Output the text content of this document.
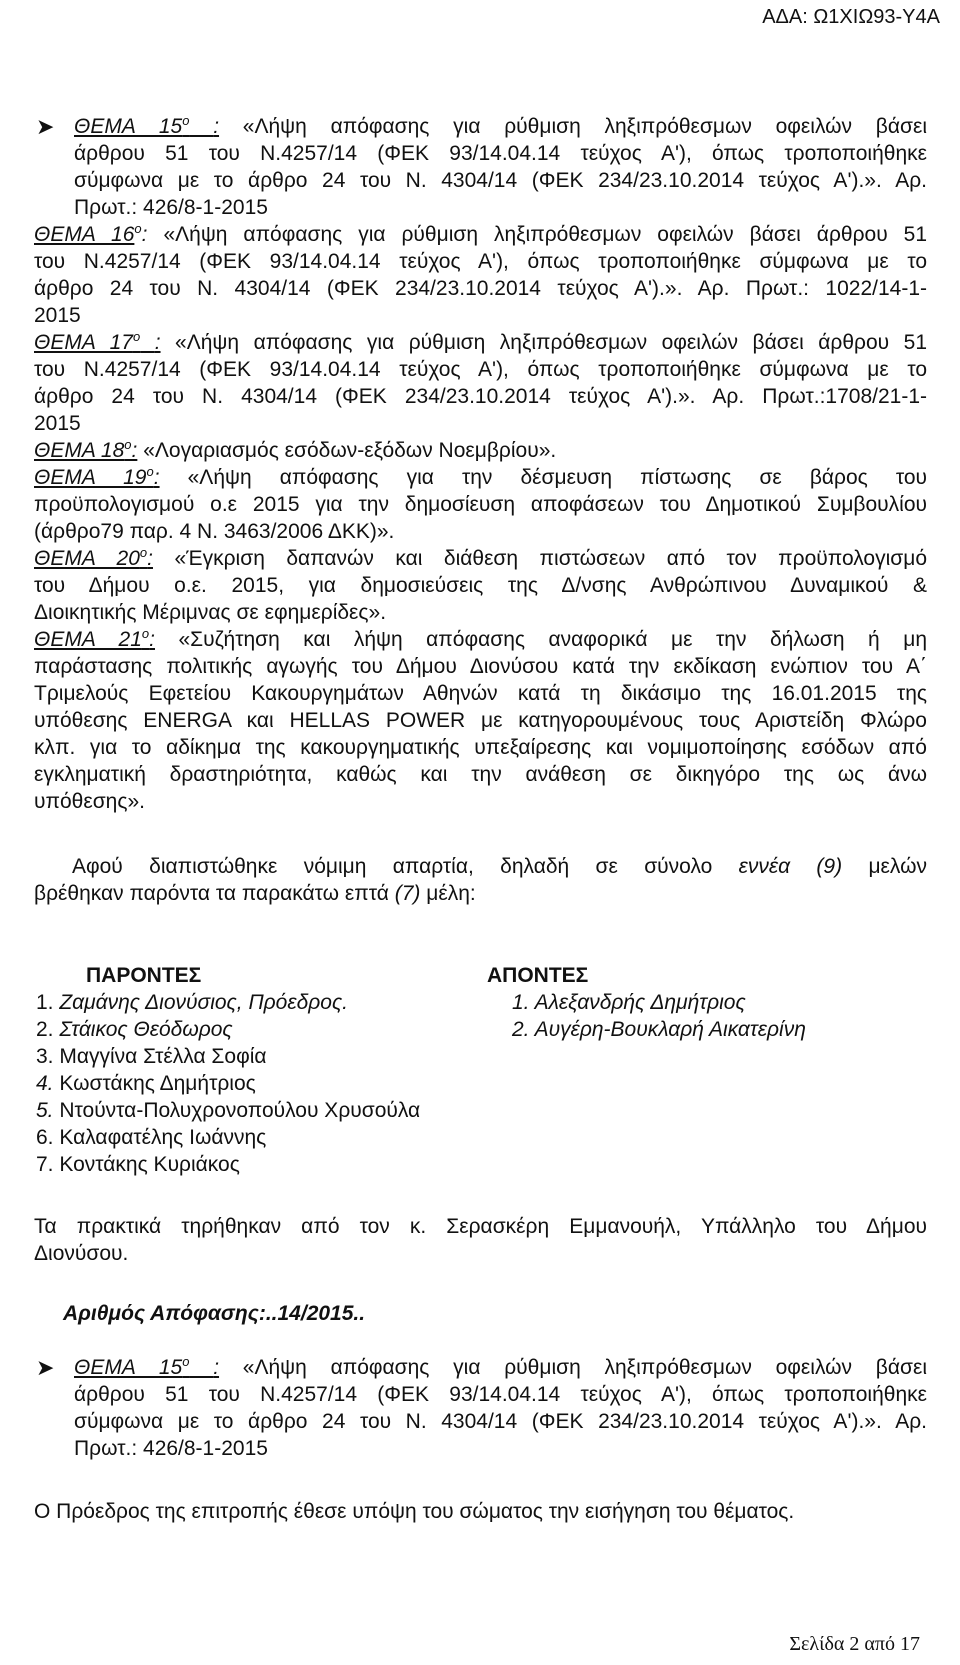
ΑΔΑ: Ω1ΧΙΩ93-Υ4Α
➤ ΘΕΜΑ $15^o$ : «Λήψη απόφασης για ρύθμιση ληξιπρόθεσμων οφειλών βάσει
άρθρου 51 του Ν.4257/14 (ΦΕΚ 93/14.04.14 τεύχος Α'), όπως τροποποιήθηκε
σύμφωνα με το άρθρο 24 του Ν. 4304/14 (ΦΕΚ 234/23.10.2014 τεύχος Α').». Αρ.
Πρωτ.: 426/8-1-2015
ΘΕΜΑ $16^o$: «Λήψη απόφασης για ρύθμιση ληξιπρόθεσμων οφειλών βάσει άρθρου 51
του Ν.4257/14 (ΦΕΚ 93/14.04.14 τεύχος Α'), όπως τροποποιήθηκε σύμφωνα με το
άρθρο 24 του Ν. 4304/14 (ΦΕΚ 234/23.10.2014 τεύχος Α').». Αρ. Πρωτ.: 1022/14-1-
2015
ΘΕΜΑ $17^o$ : «Λήψη απόφασης για ρύθμιση ληξιπρόθεσμων οφειλών βάσει άρθρου 51
του Ν.4257/14 (ΦΕΚ 93/14.04.14 τεύχος Α'), όπως τροποποιήθηκε σύμφωνα με το
άρθρο 24 του Ν. 4304/14 (ΦΕΚ 234/23.10.2014 τεύχος Α').». Αρ. Πρωτ.:1708/21-1-
2015
ΘΕΜΑ $18^o$: «Λογαριασμός εσόδων-εξόδων Νοεμβρίου».
ΘΕΜΑ $19^o$: «Λήψη απόφασης για την δέσμευση πίστωσης σε βάρος του
προϋπολογισμού ο.ε 2015 για την δημοσίευση αποφάσεων του Δημοτικού Συμβουλίου
(άρθρο79 παρ. 4 Ν. 3463/2006 ΔΚΚ)».
ΘΕΜΑ $20^o$: «Έγκριση δαπανών και διάθεση πιστώσεων από τον προϋπολογισμό
του Δήμου ο.ε. 2015, για δημοσιεύσεις της Δ/νσης Ανθρώπινου Δυναμικού &
Διοικητικής Μέριμνας σε εφημερίδες».
ΘΕΜΑ $21^o$: «Συζήτηση και λήψη απόφασης αναφορικά με την δήλωση ή μη
παράστασης πολιτικής αγωγής του Δήμου Διονύσου κατά την εκδίκαση ενώπιον του Α΄
Τριμελούς Εφετείου Κακουργημάτων Αθηνών κατά τη δικάσιμο της 16.01.2015 της
υπόθεσης ENERGA και HELLAS POWER με κατηγορουμένους τους Αριστείδη Φλώρο
κλπ. για το αδίκημα της κακουργηματικής υπεξαίρεσης και νομιμοποίησης εσόδων από
εγκληματική δραστηριότητα, καθώς και την ανάθεση σε δικηγόρο της ως άνω
υπόθεσης».
Αφού διαπιστώθηκε νόμιμη απαρτία, δηλαδή σε σύνολο εννέα (9) μελών
βρέθηκαν παρόντα τα παρακάτω επτά (7) μέλη:
ΠΑΡΟΝΤΕΣ	ΑΠΟΝΤΕΣ
1. Ζαμάνης Διονύσιος, Πρόεδρος.
2. Στάικος Θεόδωρος
3. Μαγγίνα Στέλλα Σοφία
4. Κωστάκης Δημήτριος
5. Ντούντα-Πολυχρονοπούλου Χρυσούλα
6. Καλαφατέλης Ιωάννης
7. Κοντάκης Κυριάκος
1. Αλεξανδρής Δημήτριος
2. Αυγέρη-Βουκλαρή Αικατερίνη
Τα πρακτικά τηρήθηκαν από τον κ. Σερασκέρη Εμμανουήλ, Υπάλληλο του Δήμου
Διονύσου.
Αριθμός Απόφασης:..14/2015..
➤ ΘΕΜΑ $15^o$ : «Λήψη απόφασης για ρύθμιση ληξιπρόθεσμων οφειλών βάσει
άρθρου 51 του Ν.4257/14 (ΦΕΚ 93/14.04.14 τεύχος Α'), όπως τροποποιήθηκε
σύμφωνα με το άρθρο 24 του Ν. 4304/14 (ΦΕΚ 234/23.10.2014 τεύχος Α').». Αρ.
Πρωτ.: 426/8-1-2015
Ο Πρόεδρος της επιτροπής έθεσε υπόψη του σώματος την εισήγηση του θέματος.
Σελίδα 2 από 17
